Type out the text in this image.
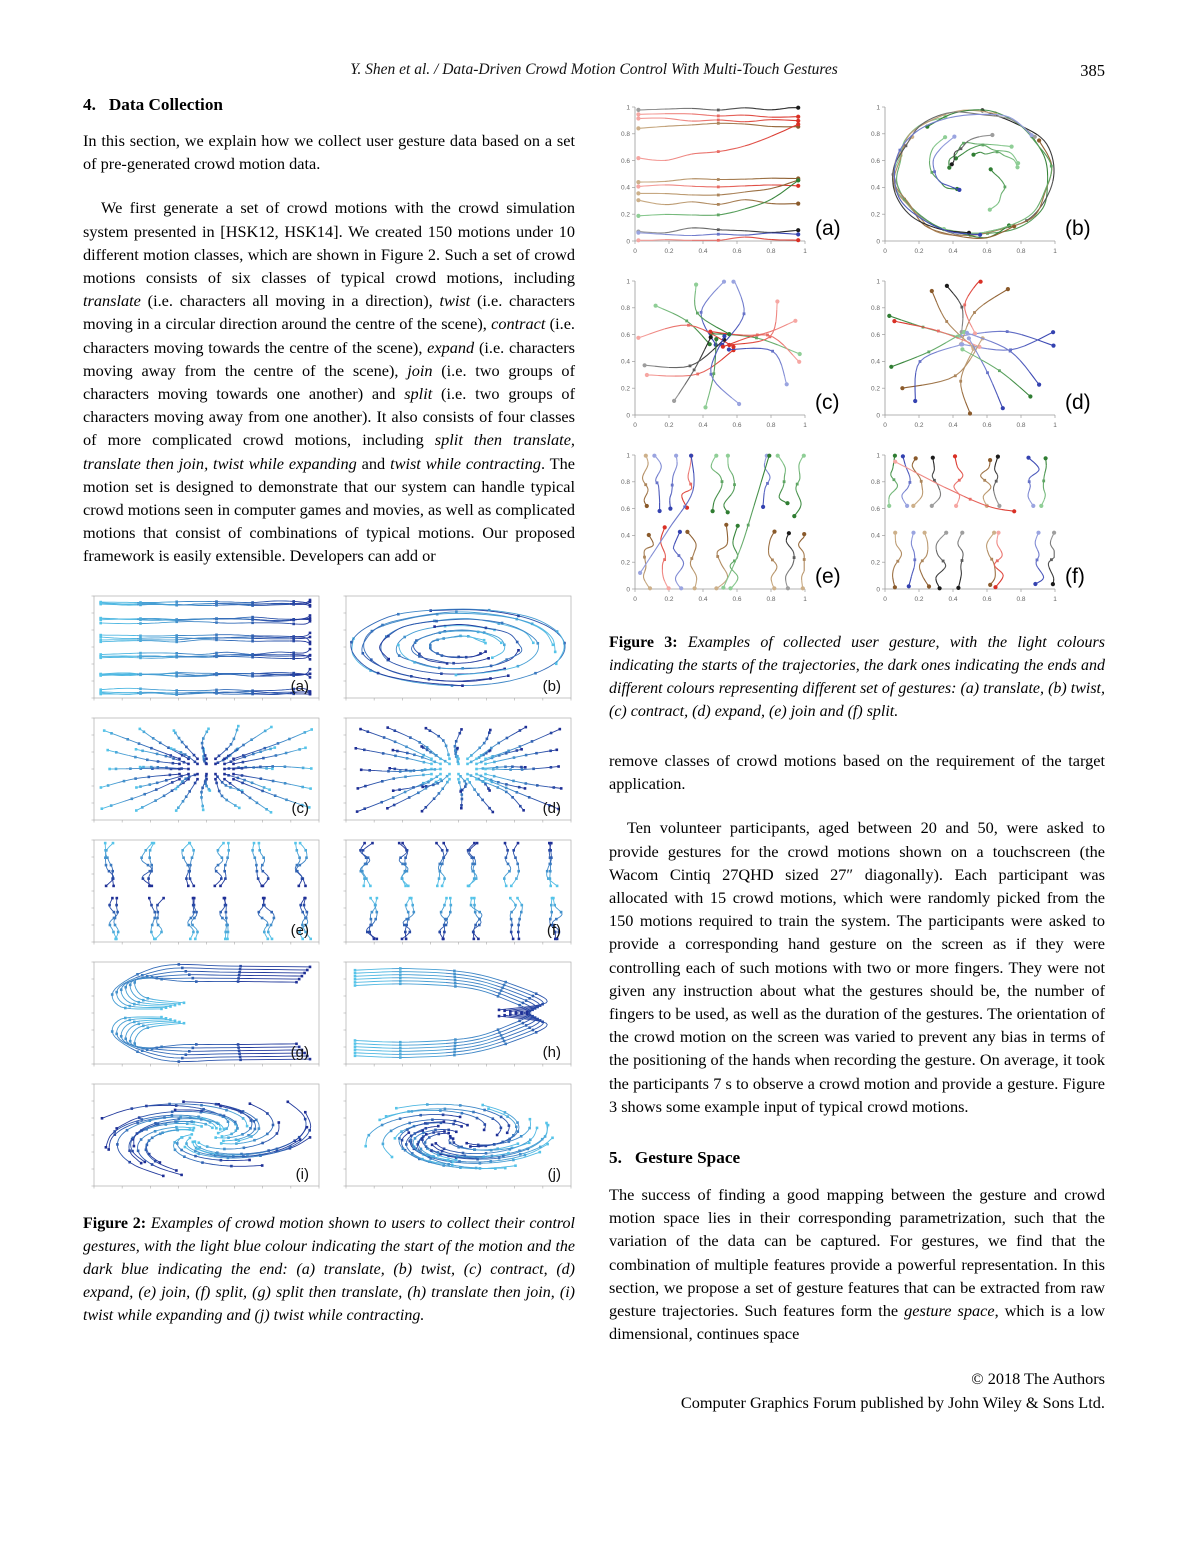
Y. Shen et al. / Data-Driven Crowd Motion Control With Multi-Touch Gestures	385
4. Data Collection

In this section, we explain how we collect user gesture data based on a set of pre-generated crowd motion data.

We first generate a set of crowd motions with the crowd simulation system presented in [HSK12, HSK14]. We created 150 motions under 10 different motion classes, which are shown in Figure 2. Such a set of crowd motions consists of six classes of typical crowd motions, including translate (i.e. characters all moving in a direction), twist (i.e. characters moving in a circular direction around the centre of the scene), contract (i.e. characters moving towards the centre of the scene), expand (i.e. characters moving away from the centre of the scene), join (i.e. two groups of characters moving towards one another) and split (i.e. two groups of characters moving away from one another). It also consists of four classes of more complicated crowd motions, including split then translate, translate then join, twist while expanding and twist while contracting. The motion set is designed to demonstrate that our system can handle typical crowd motions seen in computer games and movies, as well as complicated motions that consist of combinations of typical motions. Our proposed framework is easily extensible. Developers can add or

(a)	(b)
(c)	(d)
(e)	(f)
(g)	(h)
(i)	(j)
Figure 2: Examples of crowd motion shown to users to collect their control gestures, with the light blue colour indicating the start of the motion and the dark blue indicating the end: (a) translate, (b) twist, (c) contract, (d) expand, (e) join, (f) split, (g) split then translate, (h) translate then join, (i) twist while expanding and (j) twist while contracting.
0
0
0.2
0.2
0.4
0.4
0.6
0.6
0.8
0.8
1
1
(a)
0
0
0.2
0.2
0.4
0.4
0.6
0.6
0.8
0.8
1
1
(b)
0
0
0.2
0.2
0.4
0.4
0.6
0.6
0.8
0.8
1
1
(c)
0
0
0.2
0.2
0.4
0.4
0.6
0.6
0.8
0.8
1
1
(d)
0
0
0.2
0.2
0.4
0.4
0.6
0.6
0.8
0.8
1
1
(e)
0
0
0.2
0.2
0.4
0.4
0.6
0.6
0.8
0.8
1
1
(f)
Figure 3: Examples of collected user gesture, with the light colours indicating the starts of the trajectories, the dark ones indicating the ends and different colours representing different set of gestures: (a) translate, (b) twist, (c) contract, (d) expand, (e) join and (f) split.

remove classes of crowd motions based on the requirement of the target application.

Ten volunteer participants, aged between 20 and 50, were asked to provide gestures for the crowd motions shown on a touchscreen (the Wacom Cintiq 27QHD sized 27″ diagonally). Each participant was allocated with 15 crowd motions, which were randomly picked from the 150 motions required to train the system. The participants were asked to provide a corresponding hand gesture on the screen as if they were controlling each of such motions with two or more fingers. They were not given any instruction about what the gestures should be, the number of fingers to be used, as well as the duration of the gestures. The orientation of the crowd motion on the screen was varied to prevent any bias in terms of the positioning of the hands when recording the gesture. On average, it took the participants 7 s to observe a crowd motion and provide a gesture. Figure 3 shows some example input of typical crowd motions.

5. Gesture Space

The success of finding a good mapping between the gesture and crowd motion space lies in their corresponding parametrization, such that the variation of the data can be captured. For gestures, we find that the combination of multiple features provide a powerful representation. In this section, we propose a set of gesture features that can be extracted from raw gesture trajectories. Such features form the gesture space, which is a low dimensional, continues space

© 2018 The Authors
Computer Graphics Forum published by John Wiley & Sons Ltd.
